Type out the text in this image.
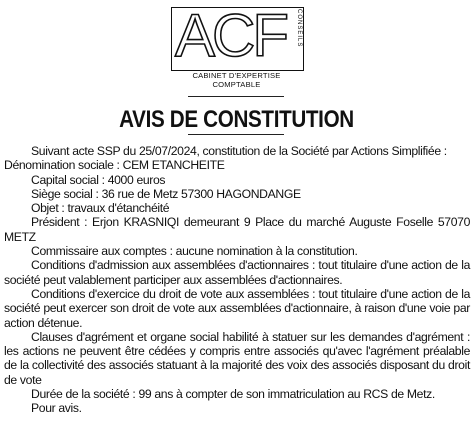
ACF	CONSEILS
CABINET D'EXPERTISE COMPTABLE
AVIS DE CONSTITUTION

Suivant acte SSP du 25/07/2024, constitution de la Société par Actions Simplifiée :

Dénomination sociale : CEM ETANCHEITE

Capital social : 4000 euros

Siège social : 36 rue de Metz 57300 HAGONDANGE

Objet : travaux d'étanchéité

Président : Erjon KRASNIQI demeurant 9 Place du marché Auguste Foselle 57070 METZ

Commissaire aux comptes : aucune nomination à la constitution.

Conditions d'admission aux assemblées d'actionnaires : tout titulaire d'une action de la société peut valablement participer aux assemblées d'actionnaires.

Conditions d'exercice du droit de vote aux assemblées : tout titulaire d'une action de la société peut exercer son droit de vote aux assemblées d'actionnaire, à raison d'une voie par action détenue.

Clauses d'agrément et organe social habilité à statuer sur les demandes d'agrément : les actions ne peuvent être cédées y compris entre associés qu'avec l'agrément préalable de la collectivité des associés statuant à la majorité des voix des associés disposant du droit de vote

Durée de la société : 99 ans à compter de son immatriculation au RCS de Metz.

Pour avis.
